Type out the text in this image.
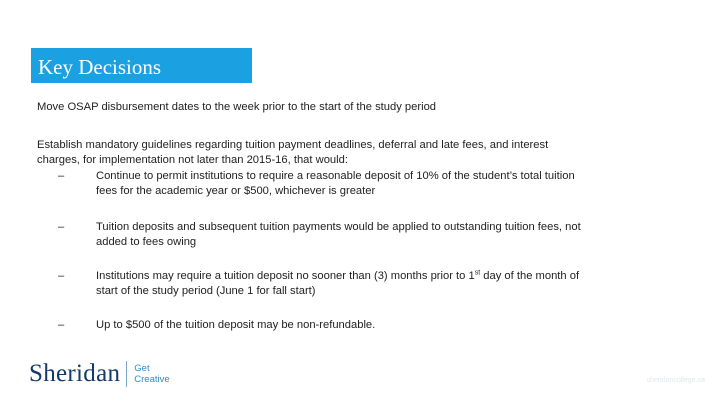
Key Decisions

Move OSAP disbursement dates to the week prior to the start of the study period

Establish mandatory guidelines regarding tuition payment deadlines, deferral and late fees, and interest charges, for implementation not later than 2015-16, that would:

–	Continue to permit institutions to require a reasonable deposit of 10% of the student’s total tuition fees for the academic year or $500, whichever is greater
–	Tuition deposits and subsequent tuition payments would be applied to outstanding tuition fees, not added to fees owing
–	Institutions may require a tuition deposit no sooner than (3) months prior to 1st day of the month of start of the study period (June 1 for fall start)
–	Up to $500 of the tuition deposit may be non-refundable.
Sheridan Get
Creative	sheridancollege.ca
